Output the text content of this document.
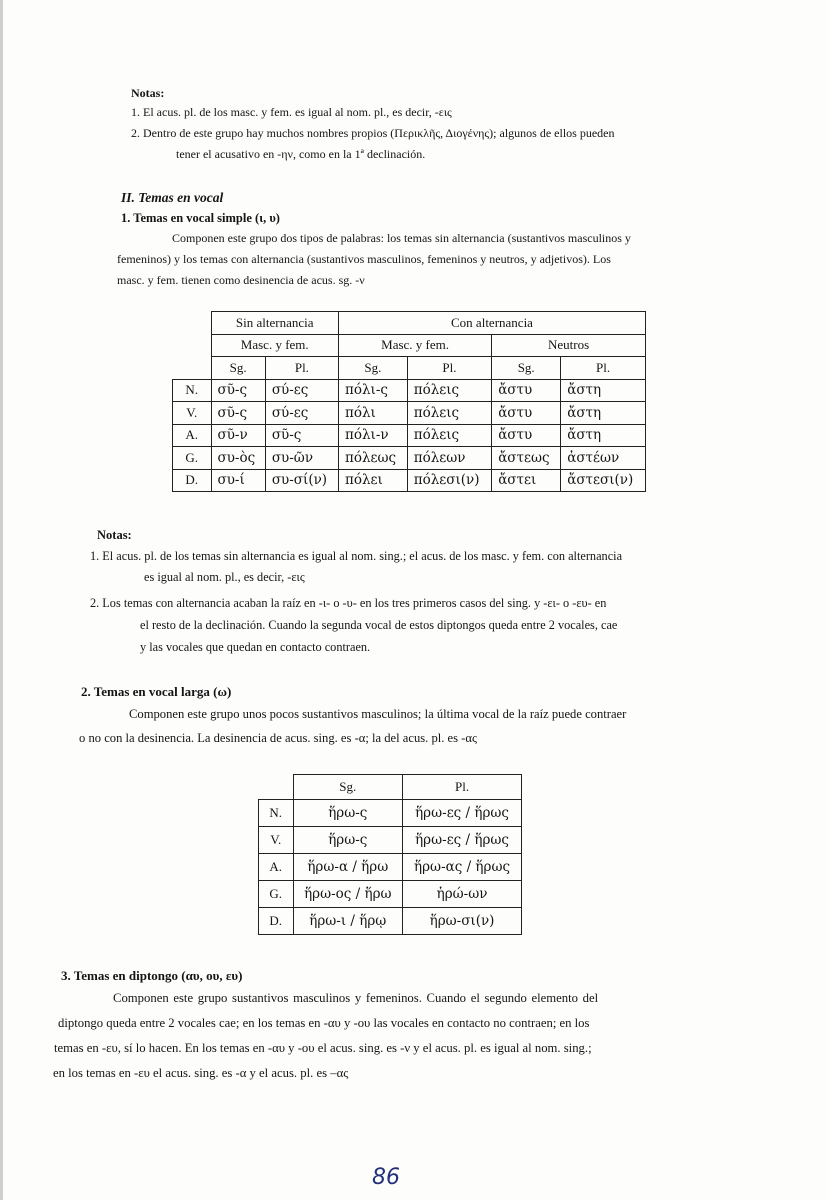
Notas:
1. El acus. pl. de los masc. y fem. es igual al nom. pl., es decir, -εις
2. Dentro de este grupo hay muchos nombres propios (Περικλῆς, Διογένης); algunos de ellos pueden
tener el acusativo en -ην, como en la 1ª declinación.
II. Temas en vocal
1. Temas en vocal simple (ι, υ)
Componen este grupo dos tipos de palabras: los temas sin alternancia (sustantivos masculinos y
femeninos) y los temas con alternancia (sustantivos masculinos, femeninos y neutros, y adjetivos). Los
masc. y fem. tienen como desinencia de acus. sg. -ν
	Sin alternancia		Con alternancia			
	Masc. y fem.		Masc. y fem.		Neutros	
	Sg.	Pl.	Sg.	Pl.	Sg.	Pl.
N.	σῦ-ς	σύ-ες	πόλι-ς	πόλεις	ἄστυ	ἄστη
V.	σῦ-ς	σύ-ες	πόλι	πόλεις	ἄστυ	ἄστη
A.	σῦ-ν	σῦ-ς	πόλι-ν	πόλεις	ἄστυ	ἄστη
G.	συ-ὸς	συ-ῶν	πόλεως	πόλεων	ἄστεως	ἀστέων
D.	συ-ί	συ-σί(ν)	πόλει	πόλεσι(ν)	ἄστει	ἄστεσι(ν)
Notas:
1. El acus. pl. de los temas sin alternancia es igual al nom. sing.; el acus. de los masc. y fem. con alternancia
es igual al nom. pl., es decir, -εις
2. Los temas con alternancia acaban la raíz en -ι- o -υ- en los tres primeros casos del sing. y -ει- o -ευ- en
el resto de la declinación. Cuando la segunda vocal de estos diptongos queda entre 2 vocales, cae
y las vocales que quedan en contacto contraen.
2. Temas en vocal larga (ω)
Componen este grupo unos pocos sustantivos masculinos; la última vocal de la raíz puede contraer
o no con la desinencia. La desinencia de acus. sing. es -α; la del acus. pl. es -ας
	Sg.	Pl.
N.	ἥρω-ς	ἥρω-ες / ἥρως
V.	ἥρω-ς	ἥρω-ες / ἥρως
A.	ἥρω-α / ἥρω	ἥρω-ας / ἥρως
G.	ἥρω-ος / ἥρω	ἡρώ-ων
D.	ἥρω-ι / ἥρῳ	ἥρω-σι(ν)
3. Temas en diptongo (αυ, ου, ευ)
Componen este grupo sustantivos masculinos y femeninos. Cuando el segundo elemento del
diptongo queda entre 2 vocales cae; en los temas en -αυ y -ου las vocales en contacto no contraen; en los
temas en -ευ, sí lo hacen. En los temas en -αυ y -ου el acus. sing. es -ν y el acus. pl. es igual al nom. sing.;
en los temas en -ευ el acus. sing. es -α y el acus. pl. es –ας
86
